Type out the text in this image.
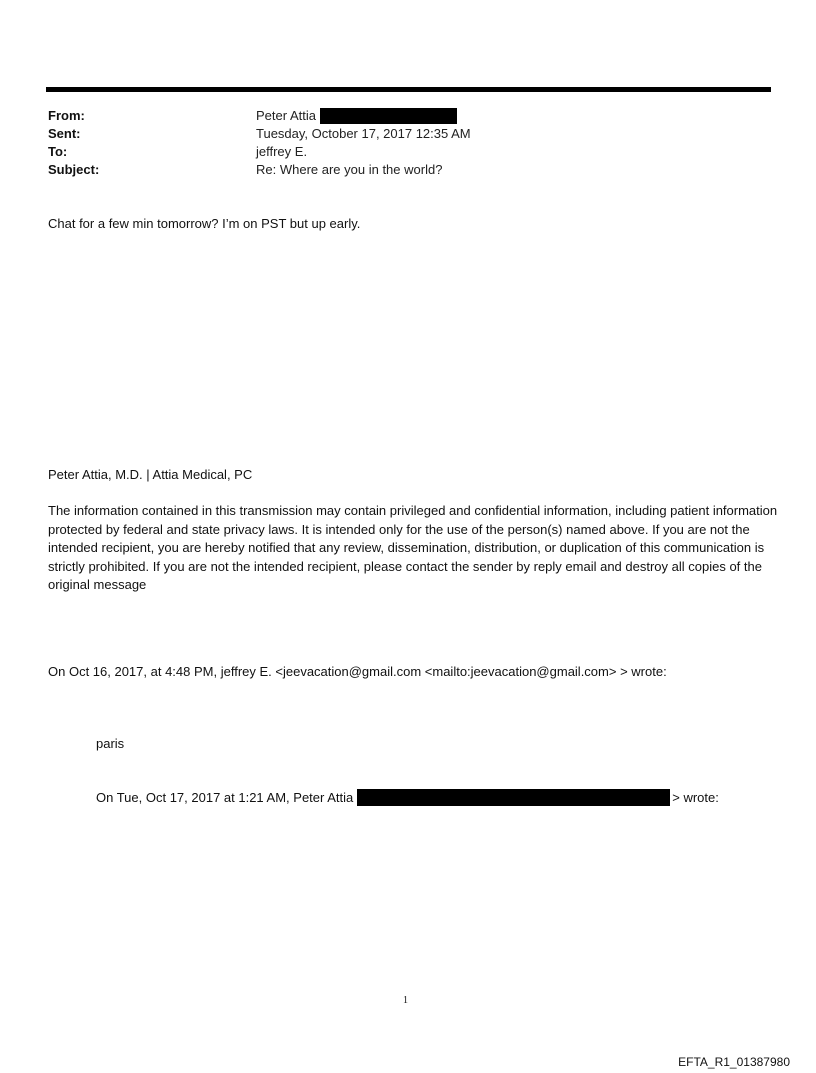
From:	Peter Attia
Sent:	Tuesday, October 17, 2017 12:35 AM
To:	jeffrey E.
Subject:	Re: Where are you in the world?
Chat for a few min tomorrow? I’m on PST but up early.
Peter Attia, M.D. | Attia Medical, PC
The information contained in this transmission may contain privileged and confidential information, including patient information protected by federal and state privacy laws. It is intended only for the use of the person(s) named above. If you are not the intended recipient, you are hereby notified that any review, dissemination, distribution, or duplication of this communication is strictly prohibited. If you are not the intended recipient, please contact the sender by reply email and destroy all copies of the original message
On Oct 16, 2017, at 4:48 PM, jeffrey E. <jeevacation@gmail.com <mailto:jeevacation@gmail.com> > wrote:
paris
On Tue, Oct 17, 2017 at 1:21 AM, Peter Attia	> wrote:
1
EFTA_R1_01387980
